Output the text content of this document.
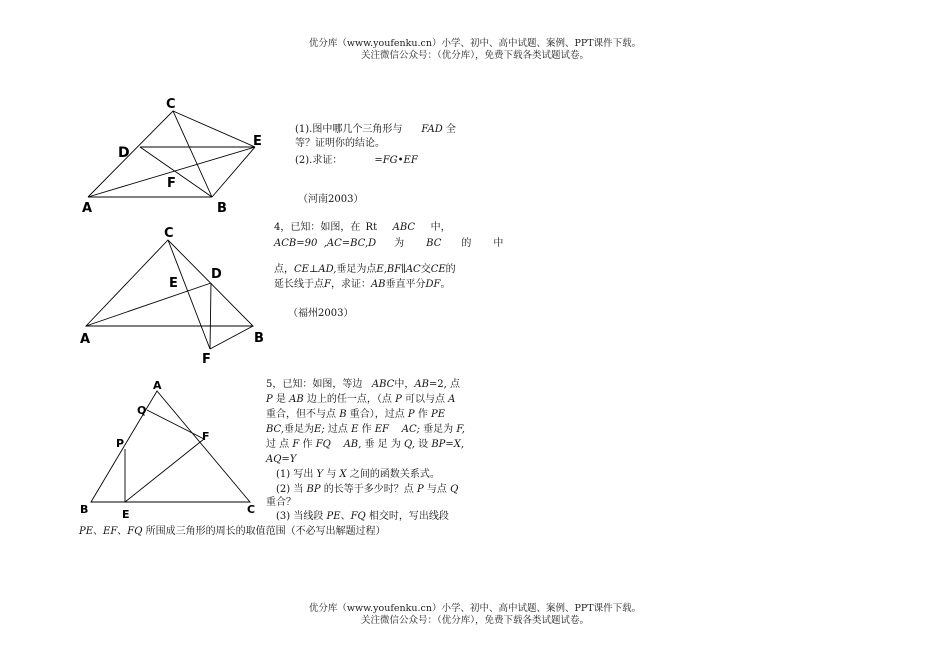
优分库（www.youfenku.cn）小学、初中、高中试题、案例、PPT课件下载。
关注微信公众号：（优分库），免费下载各类试题试卷。
C
D
E
F
A	B
C
E
D
A	B
F
A
Q
P
F
B	E	C
(1).图中哪几个三角形与 FAD 全
等？证明你的结论。
(2).求证：	=FG•EF
（河南2003）
4，已知：如图，在 Rt ABC 中，
ACB=90 ,AC=BC,D 为 BC 的 中
点，CE⊥AD,垂足为点E,BF∥AC交CE的
延长线于点F，求证：AB垂直平分DF。
（福州2003）
5，已知：如图，等边 ABC中，AB=2, 点
P 是 AB 边上的任一点，（点 P 可以与点 A
重合，但不与点 B 重合），过点 P 作 PE
BC,垂足为E; 过点 E 作 EF AC; 垂足为 F,
过 点 F 作 FQ AB, 垂 足 为 Q, 设 BP=X,
AQ=Y
(1) 写出 Y 与 X 之间的函数关系式。
(2) 当 BP 的长等于多少时？点 P 与点 Q
重合？
(3) 当线段 PE、FQ 相交时，写出线段
PE、EF、FQ 所围成三角形的周长的取值范围（不必写出解题过程）
优分库（www.youfenku.cn）小学、初中、高中试题、案例、PPT课件下载。
关注微信公众号：（优分库），免费下载各类试题试卷。
